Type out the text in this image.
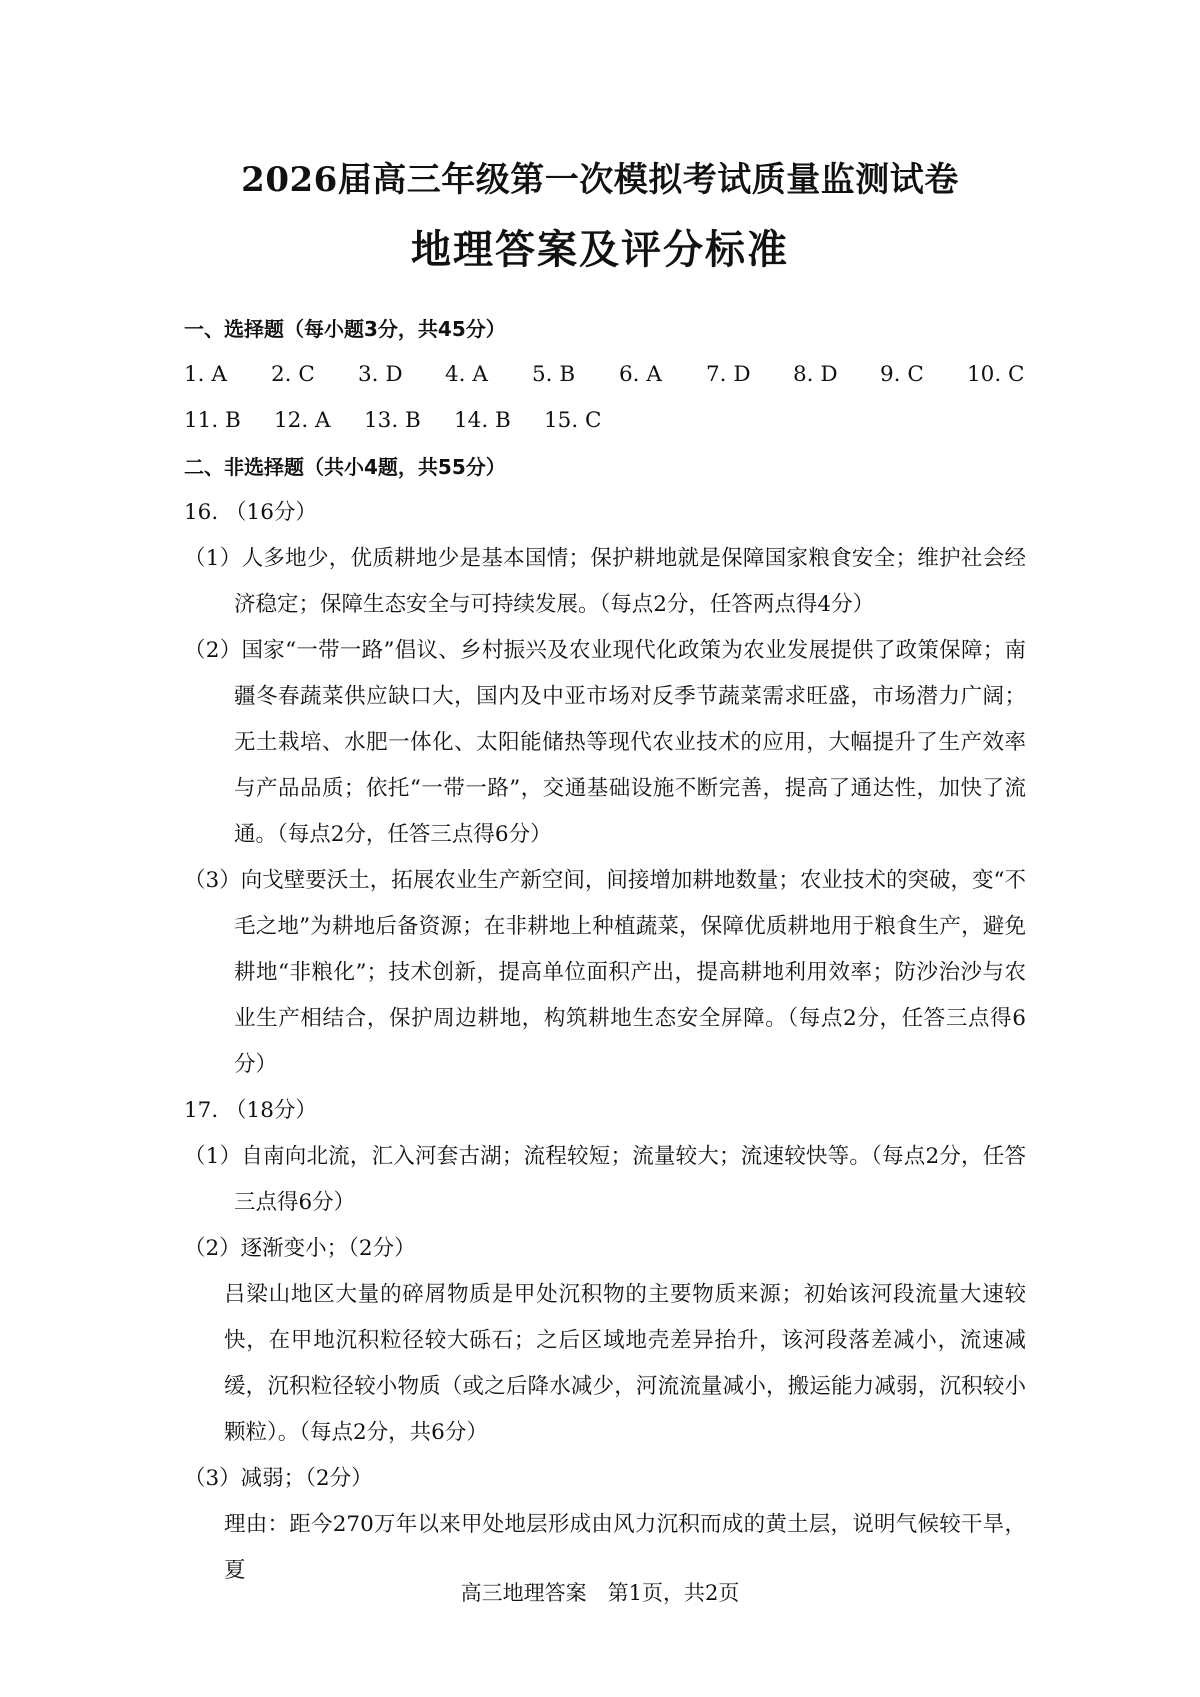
2026届高三年级第一次模拟考试质量监测试卷
地理答案及评分标准
一、选择题（每小题3分，共45分）
1. A	2. C	3. D	4. A	5. B	6. A	7. D	8. D	9. C	10. C
11. B	12. A	13. B	14. B	15. C
二、非选择题（共小4题，共55分）
16. （16分）
（1）人多地少，优质耕地少是基本国情；保护耕地就是保障国家粮食安全；维护社会经济稳定；保障生态安全与可持续发展。（每点2分，任答两点得4分）
（2）国家“一带一路”倡议、乡村振兴及农业现代化政策为农业发展提供了政策保障；南疆冬春蔬菜供应缺口大，国内及中亚市场对反季节蔬菜需求旺盛，市场潜力广阔；无土栽培、水肥一体化、太阳能储热等现代农业技术的应用，大幅提升了生产效率与产品品质；依托“一带一路”，交通基础设施不断完善，提高了通达性，加快了流通。（每点2分，任答三点得6分）
（3）向戈壁要沃土，拓展农业生产新空间，间接增加耕地数量；农业技术的突破，变“不毛之地”为耕地后备资源；在非耕地上种植蔬菜，保障优质耕地用于粮食生产，避免耕地“非粮化”；技术创新，提高单位面积产出，提高耕地利用效率；防沙治沙与农业生产相结合，保护周边耕地，构筑耕地生态安全屏障。（每点2分，任答三点得6分）
17. （18分）
（1）自南向北流，汇入河套古湖；流程较短；流量较大；流速较快等。（每点2分，任答三点得6分）
（2）逐渐变小；（2分）
吕梁山地区大量的碎屑物质是甲处沉积物的主要物质来源；初始该河段流量大速较快，在甲地沉积粒径较大砾石；之后区域地壳差异抬升，该河段落差减小，流速减缓，沉积粒径较小物质（或之后降水减少，河流流量减小，搬运能力减弱，沉积较小颗粒）。（每点2分，共6分）
（3）减弱；（2分）
理由：距今270万年以来甲处地层形成由风力沉积而成的黄土层，说明气候较干旱，夏
高三地理答案　第1页，共2页
